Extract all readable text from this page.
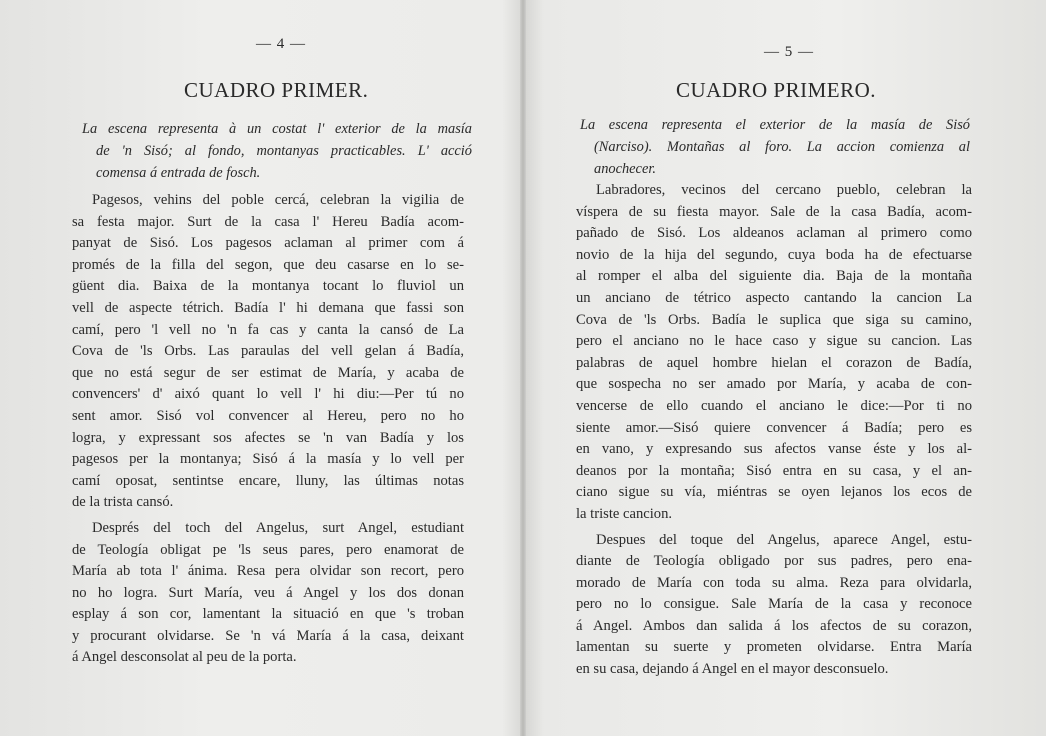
— 4 —
CUADRO PRIMER.
La escena representa à un costat l' exterior de la masía
de 'n Sisó; al fondo, montanyas practicables. L' acció
comensa á entrada de fosch.
Pagesos, vehins del poble cercá, celebran la vigilia de
sa festa major. Surt de la casa l' Hereu Badía acom-
panyat de Sisó. Los pagesos aclaman al primer com á
promés de la filla del segon, que deu casarse en lo se-
güent dia. Baixa de la montanya tocant lo fluviol un
vell de aspecte tétrich. Badía l' hi demana que fassi son
camí, pero 'l vell no 'n fa cas y canta la cansó de La
Cova de 'ls Orbs. Las paraulas del vell gelan á Badía,
que no está segur de ser estimat de María, y acaba de
convencers' d' aixó quant lo vell l' hi diu:—Per tú no
sent amor. Sisó vol convencer al Hereu, pero no ho
logra, y expressant sos afectes se 'n van Badía y los
pagesos per la montanya; Sisó á la masía y lo vell per
camí oposat, sentintse encare, lluny, las últimas notas
de la trista cansó.
Després del toch del Angelus, surt Angel, estudiant
de Teología obligat pe 'ls seus pares, pero enamorat de
María ab tota l' ánima. Resa pera olvidar son recort, pero
no ho logra. Surt María, veu á Angel y los dos donan
esplay á son cor, lamentant la situació en que 's troban
y procurant olvidarse. Se 'n vá María á la casa, deixant
á Angel desconsolat al peu de la porta.
— 5 —
CUADRO PRIMERO.
La escena representa el exterior de la masía de Sisó
(Narciso). Montañas al foro. La accion comienza al
anochecer.
Labradores, vecinos del cercano pueblo, celebran la
víspera de su fiesta mayor. Sale de la casa Badía, acom-
pañado de Sisó. Los aldeanos aclaman al primero como
novio de la hija del segundo, cuya boda ha de efectuarse
al romper el alba del siguiente dia. Baja de la montaña
un anciano de tétrico aspecto cantando la cancion La
Cova de 'ls Orbs. Badía le suplica que siga su camino,
pero el anciano no le hace caso y sigue su cancion. Las
palabras de aquel hombre hielan el corazon de Badía,
que sospecha no ser amado por María, y acaba de con-
vencerse de ello cuando el anciano le dice:—Por ti no
siente amor.—Sisó quiere convencer á Badía; pero es
en vano, y expresando sus afectos vanse éste y los al-
deanos por la montaña; Sisó entra en su casa, y el an-
ciano sigue su vía, miéntras se oyen lejanos los ecos de
la triste cancion.
Despues del toque del Angelus, aparece Angel, estu-
diante de Teología obligado por sus padres, pero ena-
morado de María con toda su alma. Reza para olvidarla,
pero no lo consigue. Sale María de la casa y reconoce
á Angel. Ambos dan salida á los afectos de su corazon,
lamentan su suerte y prometen olvidarse. Entra María
en su casa, dejando á Angel en el mayor desconsuelo.
